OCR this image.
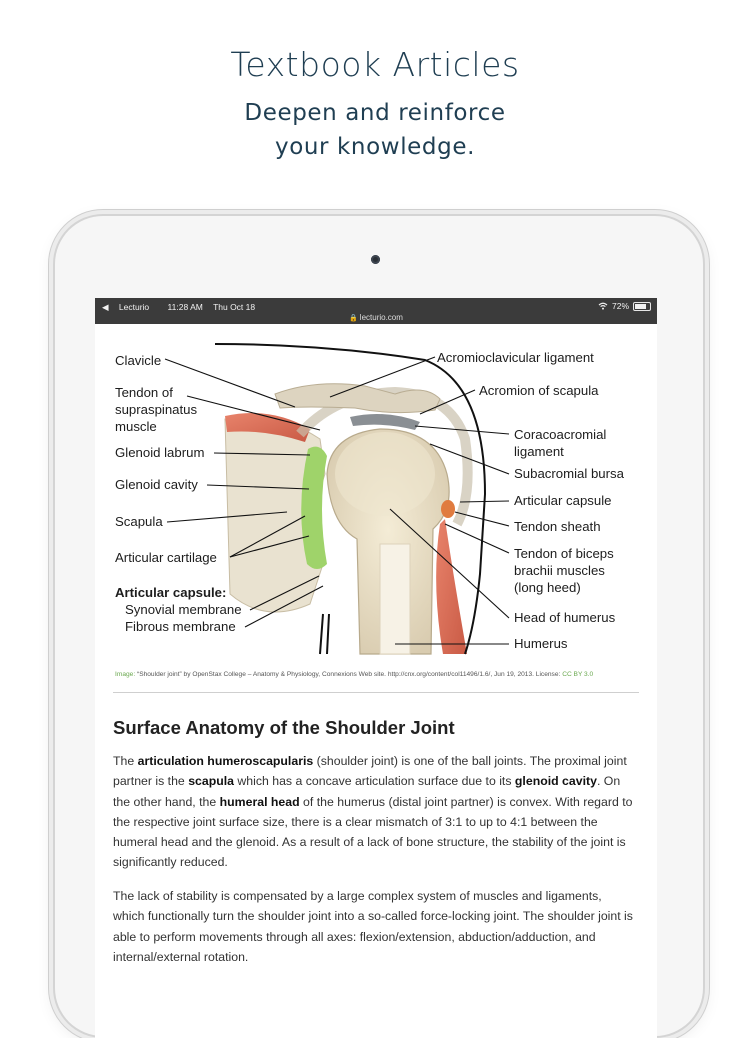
Textbook Articles
Deepen and reinforce
your knowledge.
◀ Lecturio 11:28 AM Thu Oct 18	72%
🔒 lecturio.com
Clavicle
Tendon of
supraspinatus
muscle
Glenoid labrum
Glenoid cavity
Scapula
Articular cartilage
Articular capsule:
Synovial membrane
Fibrous membrane
Acromioclavicular ligament
Acromion of scapula
Coracoacromial
ligament
Subacromial bursa
Articular capsule
Tendon sheath
Tendon of biceps
brachii muscles
(long heed)
Head of humerus
Humerus
Image: “Shoulder joint” by OpenStax College – Anatomy & Physiology, Connexions Web site. http://cnx.org/content/col11496/1.6/, Jun 19, 2013. License: CC BY 3.0
Surface Anatomy of the Shoulder Joint

The articulation humeroscapularis (shoulder joint) is one of the ball joints. The proximal joint partner is the scapula which has a concave articulation surface due to its glenoid cavity. On the other hand, the humeral head of the humerus (distal joint partner) is convex. With regard to the respective joint surface size, there is a clear mismatch of 3:1 to up to 4:1 between the humeral head and the glenoid. As a result of a lack of bone structure, the stability of the joint is significantly reduced.

The lack of stability is compensated by a large complex system of muscles and ligaments, which functionally turn the shoulder joint into a so-called force-locking joint. The shoulder joint is able to perform movements through all axes: flexion/extension, abduction/adduction, and internal/external rotation.
